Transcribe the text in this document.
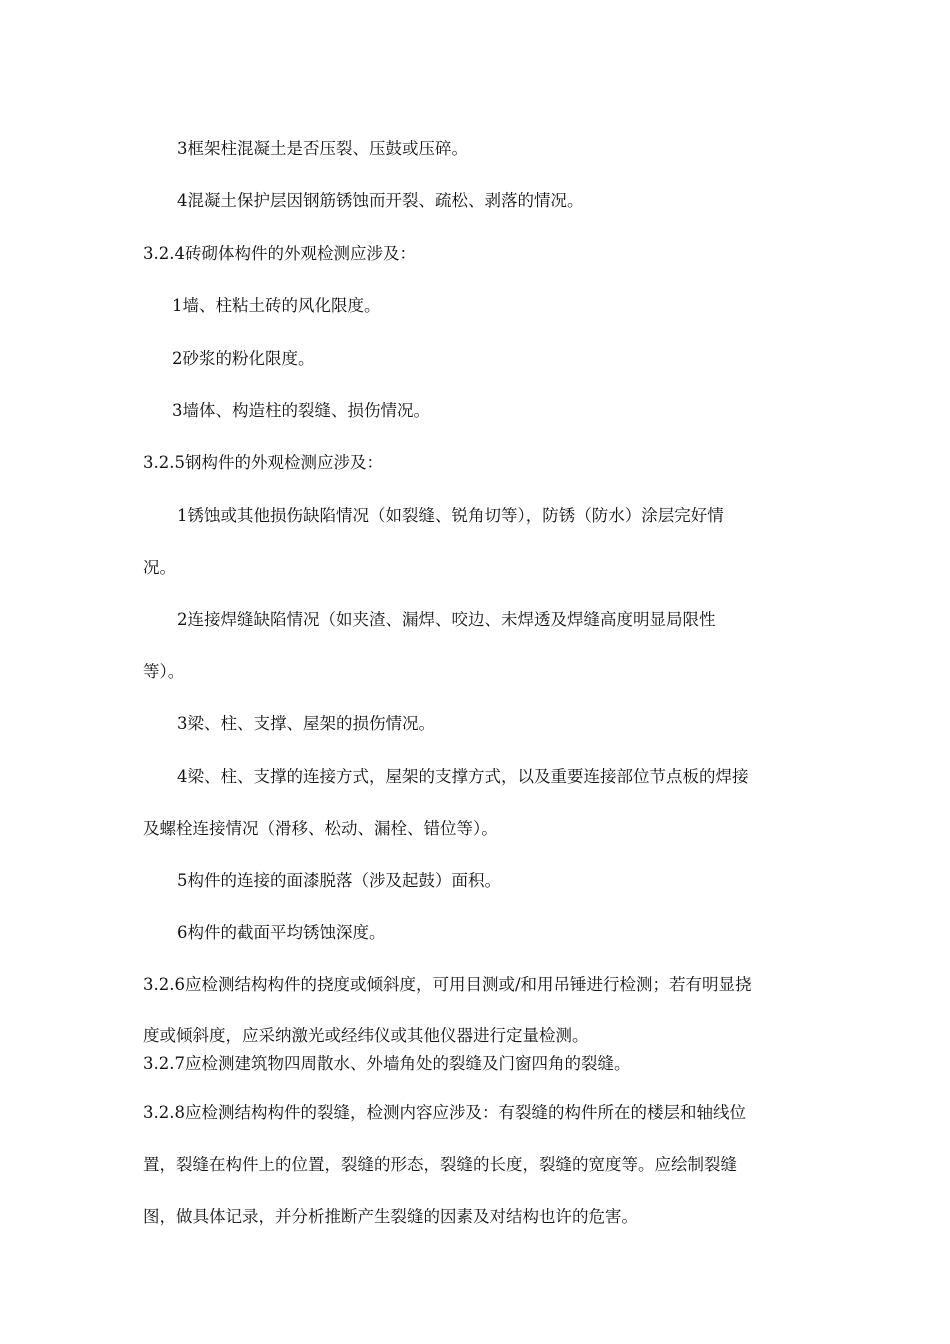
3框架柱混凝土是否压裂、压鼓或压碎。

4混凝土保护层因钢筋锈蚀而开裂、疏松、剥落的情况。

3.2.4砖砌体构件的外观检测应涉及：

1墙、柱粘土砖的风化限度。

2砂浆的粉化限度。

3墙体、构造柱的裂缝、损伤情况。

3.2.5钢构件的外观检测应涉及：

1锈蚀或其他损伤缺陷情况（如裂缝、锐角切等），防锈（防水）涂层完好情

况。

2连接焊缝缺陷情况（如夹渣、漏焊、咬边、未焊透及焊缝高度明显局限性

等）。

3梁、柱、支撑、屋架的损伤情况。

4梁、柱、支撑的连接方式，屋架的支撑方式，以及重要连接部位节点板的焊接

及螺栓连接情况（滑移、松动、漏栓、错位等）。

5构件的连接的面漆脱落（涉及起鼓）面积。

6构件的截面平均锈蚀深度。

3.2.6应检测结构构件的挠度或倾斜度，可用目测或/和用吊锤进行检测；若有明显挠

度或倾斜度，应采纳激光或经纬仪或其他仪器进行定量检测。

3.2.7应检测建筑物四周散水、外墙角处的裂缝及门窗四角的裂缝。

3.2.8应检测结构构件的裂缝，检测内容应涉及：有裂缝的构件所在的楼层和轴线位

置，裂缝在构件上的位置，裂缝的形态，裂缝的长度，裂缝的宽度等。应绘制裂缝

图，做具体记录，并分析推断产生裂缝的因素及对结构也许的危害。
